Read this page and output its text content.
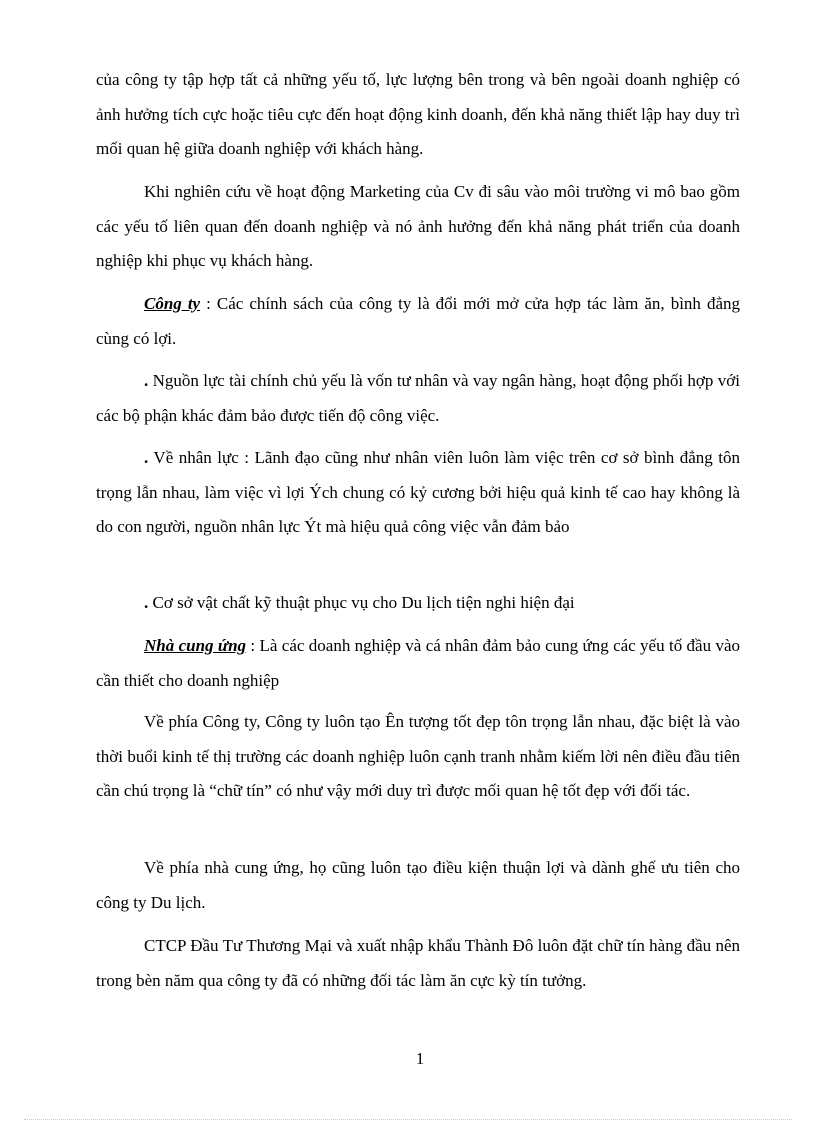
của công ty tập hợp tất cả những yếu tố, lực lượng bên trong và bên ngoài doanh nghiệp có ảnh hưởng tích cực hoặc tiêu cực đến hoạt động kinh doanh, đến khả năng thiết lập hay duy trì mối quan hệ giữa doanh nghiệp với khách hàng.

Khi nghiên cứu về hoạt động Marketing của Cv đi sâu vào môi trường vi mô bao gồm các yếu tố liên quan đến doanh nghiệp và nó ảnh hưởng đến khả năng phát triển của doanh nghiệp khi phục vụ khách hàng.

Công ty : Các chính sách của công ty là đổi mới mở cửa hợp tác làm ăn, bình đẳng cùng có lợi.

. Nguồn lực tài chính chủ yếu là vốn tư nhân và vay ngân hàng, hoạt động phối hợp với các bộ phận khác đảm bảo được tiến độ công việc.

. Về nhân lực : Lãnh đạo cũng như nhân viên luôn làm việc trên cơ sở bình đẳng tôn trọng lẫn nhau, làm việc vì lợi Ých chung có kỷ cương bởi hiệu quả kinh tế cao hay không là do con người, nguồn nhân lực Ýt mà hiệu quả công việc vẫn đảm bảo

. Cơ sở vật chất kỹ thuật phục vụ cho Du lịch tiện nghi hiện đại

Nhà cung ứng : Là các doanh nghiệp và cá nhân đảm bảo cung ứng các yếu tố đầu vào cần thiết cho doanh nghiệp

Về phía Công ty, Công ty luôn tạo Ên tượng tốt đẹp tôn trọng lẫn nhau, đặc biệt là vào thời buổi kinh tế thị trường các doanh nghiệp luôn cạnh tranh nhằm kiếm lời nên điều đầu tiên cần chú trọng là “chữ tín” có như vậy mới duy trì được mối quan hệ tốt đẹp với đối tác.

Về phía nhà cung ứng, họ cũng luôn tạo điều kiện thuận lợi và dành ghế ưu tiên cho công ty Du lịch.

CTCP Đầu Tư Thương Mại và xuất nhập khẩu Thành Đô luôn đặt chữ tín hàng đầu nên trong bèn năm qua công ty đã có những đối tác làm ăn cực kỳ tín tưởng.

1
